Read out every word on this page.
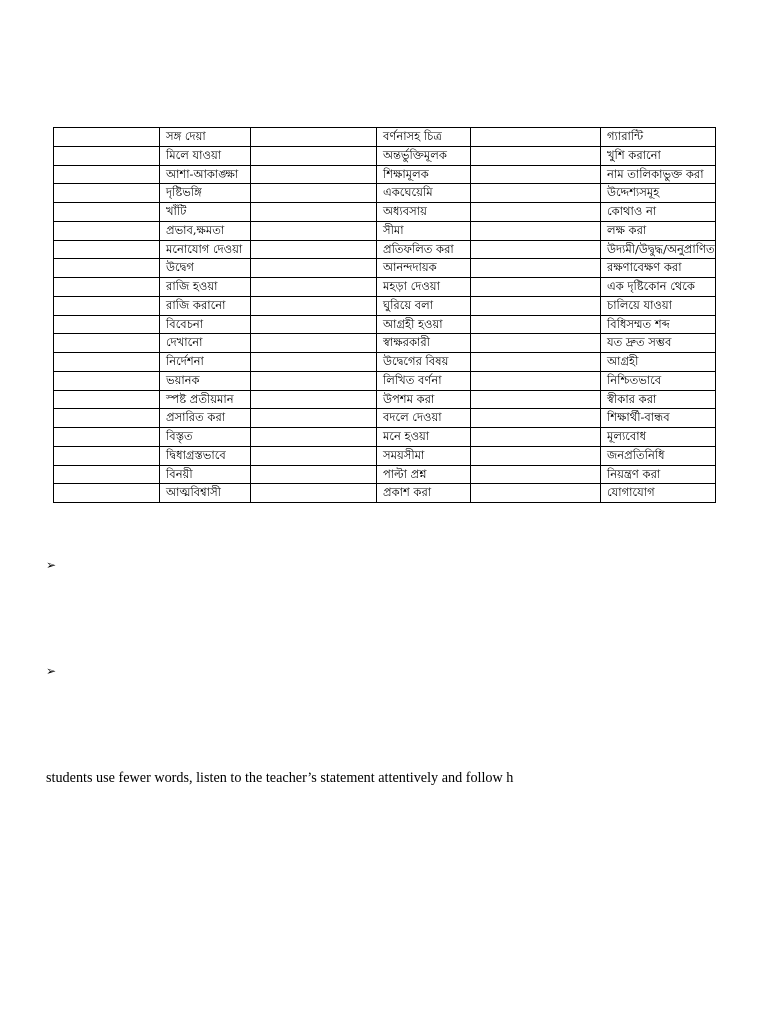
	সঙ্গ দেয়া		বর্ণনাসহ চিত্র		গ্যারান্টি
	মিলে যাওয়া		অন্তর্ভুক্তিমূলক		খুশি করানো
	আশা-আকাঙ্ক্ষা		শিক্ষামূলক		নাম তালিকাভুক্ত করা
	দৃষ্টিভঙ্গি		একঘেয়েমি		উদ্দেশ্যসমূহ
	খাঁটি		অধ্যবসায়		কোথাও না
	প্রভাব,ক্ষমতা		সীমা		লক্ষ করা
	মনোযোগ দেওয়া		প্রতিফলিত করা		উদ্যমী/উদ্বুদ্ধ/অনুপ্রাণিত
	উদ্বেগ		আনন্দদায়ক		রক্ষণাবেক্ষণ করা
	রাজি হওয়া		মহড়া দেওয়া		এক দৃষ্টিকোন থেকে
	রাজি করানো		ঘুরিয়ে বলা		চালিয়ে যাওয়া
	বিবেচনা		আগ্রহী হওয়া		বিধিসম্মত শব্দ
	দেখানো		স্বাক্ষরকারী		যত দ্রুত সম্ভব
	নির্দেশনা		উদ্বেগের বিষয়		আগ্রহী
	ভয়ানক		লিখিত বর্ণনা		নিশ্চিতভাবে
	স্পষ্ট প্রতীয়মান		উপশম করা		স্বীকার করা
	প্রসারিত করা		বদলে দেওয়া		শিক্ষার্থী-বান্ধব
	বিস্তৃত		মনে হওয়া		মূল্যবোধ
	দ্বিধাগ্রস্তভাবে		সময়সীমা		জনপ্রতিনিধি
	বিনয়ী		পাল্টা প্রশ্ন		নিয়ন্ত্রণ করা
	আত্মবিশ্বাসী		প্রকাশ করা		যোগাযোগ
➢
➢
students use fewer words, listen to the teacher’s statement attentively and follow h
